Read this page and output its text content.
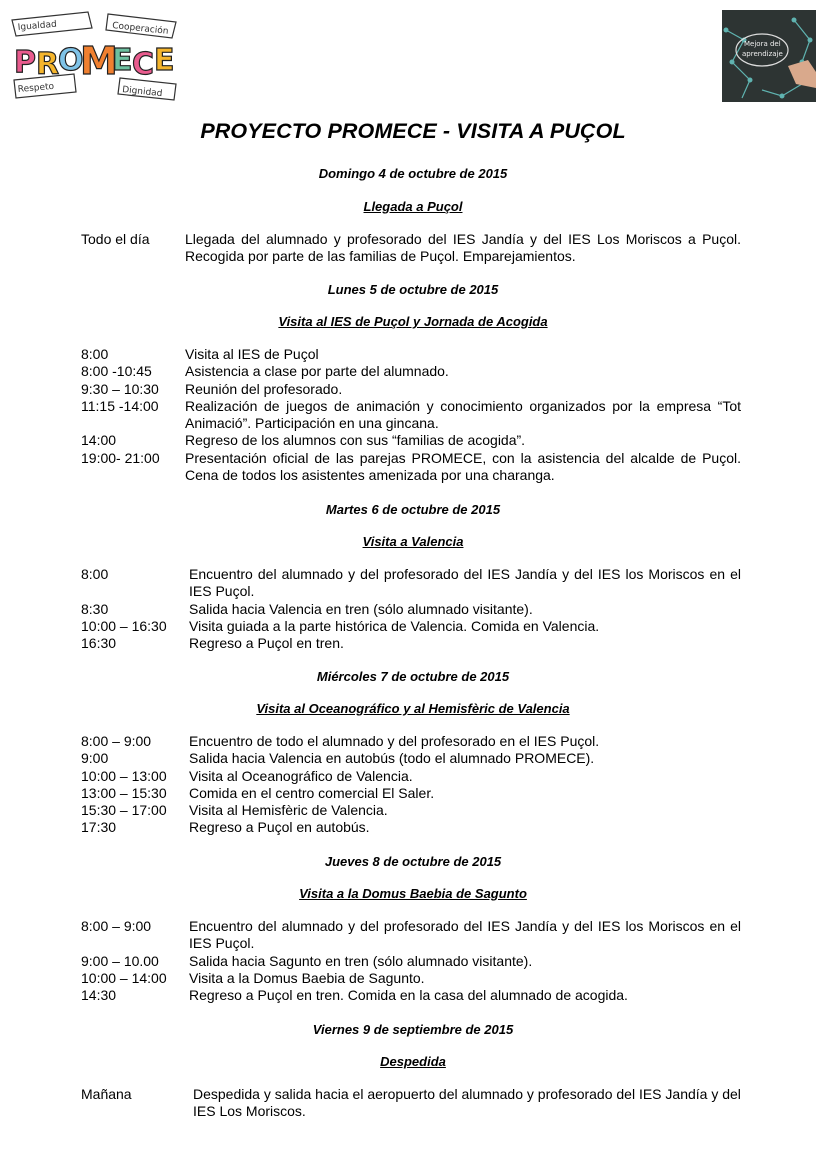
Igualdad	Cooperación
Respeto	Dignidad
P R
O
M
E C E	Mejora del
aprendizaje
PROYECTO PROMECE - VISITA A PUÇOL
Domingo 4 de octubre de 2015
Llegada a Puçol
Todo el día	Llegada del alumnado y profesorado del IES Jandía y del IES Los Moriscos a Puçol. Recogida por parte de las familias de Puçol. Emparejamientos.
Lunes 5 de octubre de 2015
Visita al IES de Puçol y Jornada de Acogida
8:00	Visita al IES de Puçol
8:00 -10:45	Asistencia a clase por parte del alumnado.
9:30 – 10:30	Reunión del profesorado.
11:15 -14:00	Realización de juegos de animación y conocimiento organizados por la empresa “Tot Animació”. Participación en una gincana.
14:00	Regreso de los alumnos con sus “familias de acogida”.
19:00- 21:00	Presentación oficial de las parejas PROMECE, con la asistencia del alcalde de Puçol. Cena de todos los asistentes amenizada por una charanga.
Martes 6 de octubre de 2015
Visita a Valencia
8:00	Encuentro del alumnado y del profesorado del IES Jandía y del IES los Moriscos en el IES Puçol.
8:30	Salida hacia Valencia en tren (sólo alumnado visitante).
10:00 – 16:30	Visita guiada a la parte histórica de Valencia. Comida en Valencia.
16:30	Regreso a Puçol en tren.
Miércoles 7 de octubre de 2015
Visita al Oceanográfico y al Hemisfèric de Valencia
8:00 – 9:00	Encuentro de todo el alumnado y del profesorado en el IES Puçol.
9:00	Salida hacia Valencia en autobús (todo el alumnado PROMECE).
10:00 – 13:00	Visita al Oceanográfico de Valencia.
13:00 – 15:30	Comida en el centro comercial El Saler.
15:30 – 17:00	Visita al Hemisfèric de Valencia.
17:30	Regreso a Puçol en autobús.
Jueves 8 de octubre de 2015
Visita a la Domus Baebia de Sagunto
8:00 – 9:00	Encuentro del alumnado y del profesorado del IES Jandía y del IES los Moriscos en el IES Puçol.
9:00 – 10.00	Salida hacia Sagunto en tren (sólo alumnado visitante).
10:00 – 14:00	Visita a la Domus Baebia de Sagunto.
14:30	Regreso a Puçol en tren. Comida en la casa del alumnado de acogida.
Viernes 9 de septiembre de 2015
Despedida
Mañana	Despedida y salida hacia el aeropuerto del alumnado y profesorado del IES Jandía y del IES Los Moriscos.
